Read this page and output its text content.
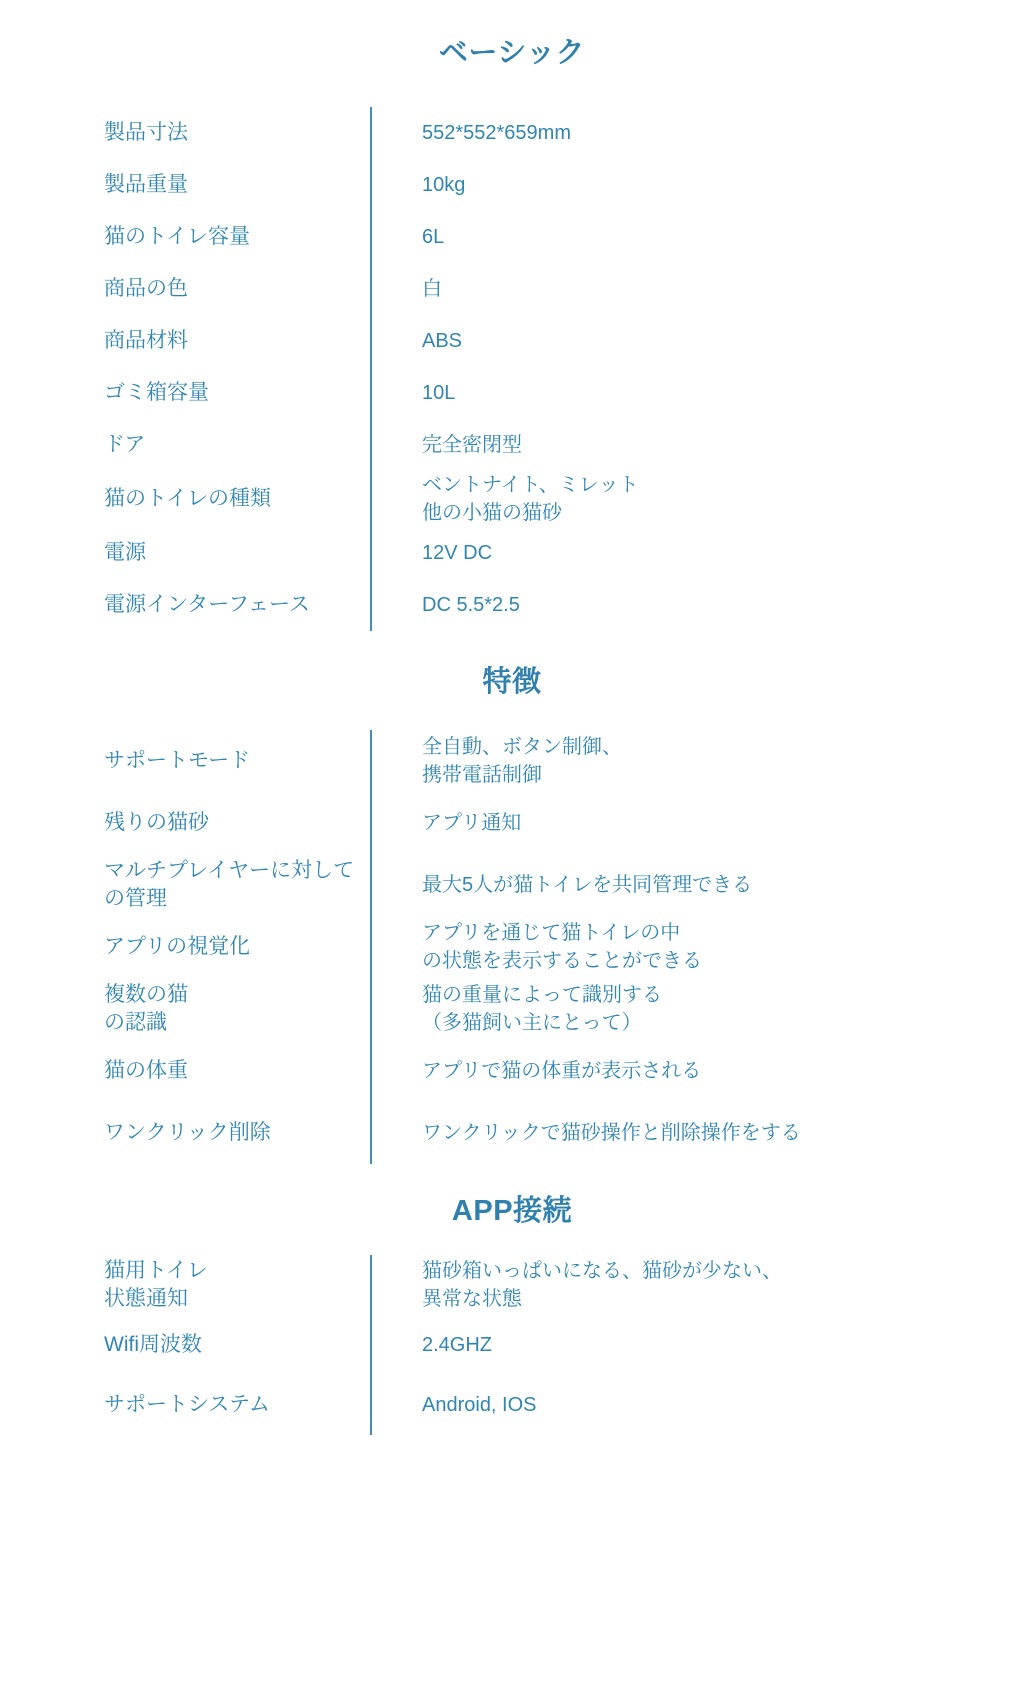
ベーシック
製品寸法		552*552*659mm

製品重量		10kg

猫のトイレ容量		6L

商品の色		白

商品材料		ABS

ゴミ箱容量		10L

ドア		完全密閉型

猫のトイレの種類		ベントナイト、ミレット
他の小猫の猫砂

電源		12V DC

電源インターフェース		DC 5.5*2.5
特徴
サポートモード		全自動、ボタン制御、
携帯電話制御

残りの猫砂		アプリ通知

マルチプレイヤーに対して
の管理		最大5人が猫トイレを共同管理できる

アプリの視覚化		アプリを通じて猫トイレの中
の状態を表示することができる

複数の猫
の認識		猫の重量によって識別する
（多猫飼い主にとって）

猫の体重		アプリで猫の体重が表示される

ワンクリック削除		ワンクリックで猫砂操作と削除操作をする
APP接続
猫用トイレ
状態通知		猫砂箱いっぱいになる、猫砂が少ない、
異常な状態

Wifi周波数		2.4GHZ

サポートシステム		Android, IOS
